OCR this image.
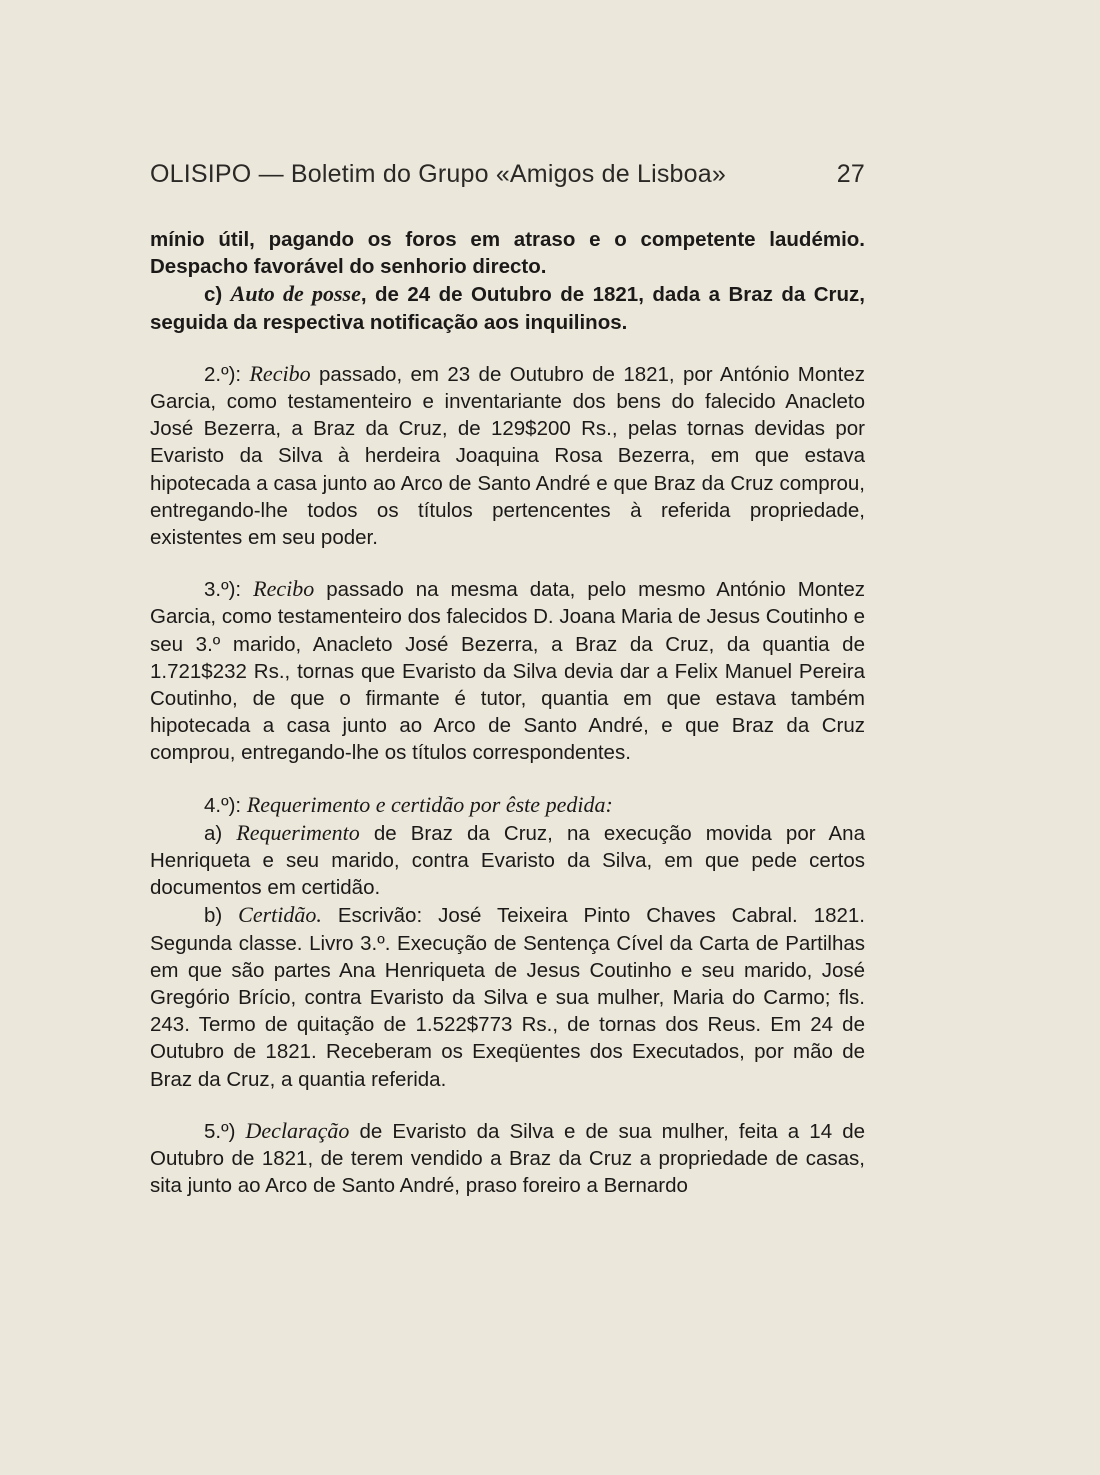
OLISIPO — Boletim do Grupo «Amigos de Lisboa»	27

mínio útil, pagando os foros em atraso e o competente laudémio. Despacho favorável do senhorio directo.

c) Auto de posse, de 24 de Outubro de 1821, dada a Braz da Cruz, seguida da respectiva notificação aos inquilinos.

2.º): Recibo passado, em 23 de Outubro de 1821, por António Montez Garcia, como testamenteiro e inventariante dos bens do falecido Anacleto José Bezerra, a Braz da Cruz, de 129$200 Rs., pelas tornas devidas por Evaristo da Silva à herdeira Joaquina Rosa Bezerra, em que estava hipotecada a casa junto ao Arco de Santo André e que Braz da Cruz comprou, entregando-lhe todos os títulos pertencentes à referida propriedade, existentes em seu poder.

3.º): Recibo passado na mesma data, pelo mesmo António Montez Garcia, como testamenteiro dos falecidos D. Joana Maria de Jesus Coutinho e seu 3.º marido, Anacleto José Bezerra, a Braz da Cruz, da quantia de 1.721$232 Rs., tornas que Evaristo da Silva devia dar a Felix Manuel Pereira Coutinho, de que o firmante é tutor, quantia em que estava também hipotecada a casa junto ao Arco de Santo André, e que Braz da Cruz comprou, entregando-lhe os títulos correspondentes.

4.º): Requerimento e certidão por êste pedida:

a) Requerimento de Braz da Cruz, na execução movida por Ana Henriqueta e seu marido, contra Evaristo da Silva, em que pede certos documentos em certidão.

b) Certidão. Escrivão: José Teixeira Pinto Chaves Cabral. 1821. Segunda classe. Livro 3.º. Execução de Sentença Cível da Carta de Partilhas em que são partes Ana Henriqueta de Jesus Coutinho e seu marido, José Gregório Brício, contra Evaristo da Silva e sua mulher, Maria do Carmo; fls. 243. Termo de quitação de 1.522$773 Rs., de tornas dos Reus. Em 24 de Outubro de 1821. Receberam os Exeqüentes dos Executados, por mão de Braz da Cruz, a quantia referida.

5.º) Declaração de Evaristo da Silva e de sua mulher, feita a 14 de Outubro de 1821, de terem vendido a Braz da Cruz a propriedade de casas, sita junto ao Arco de Santo André, praso foreiro a Bernardo
